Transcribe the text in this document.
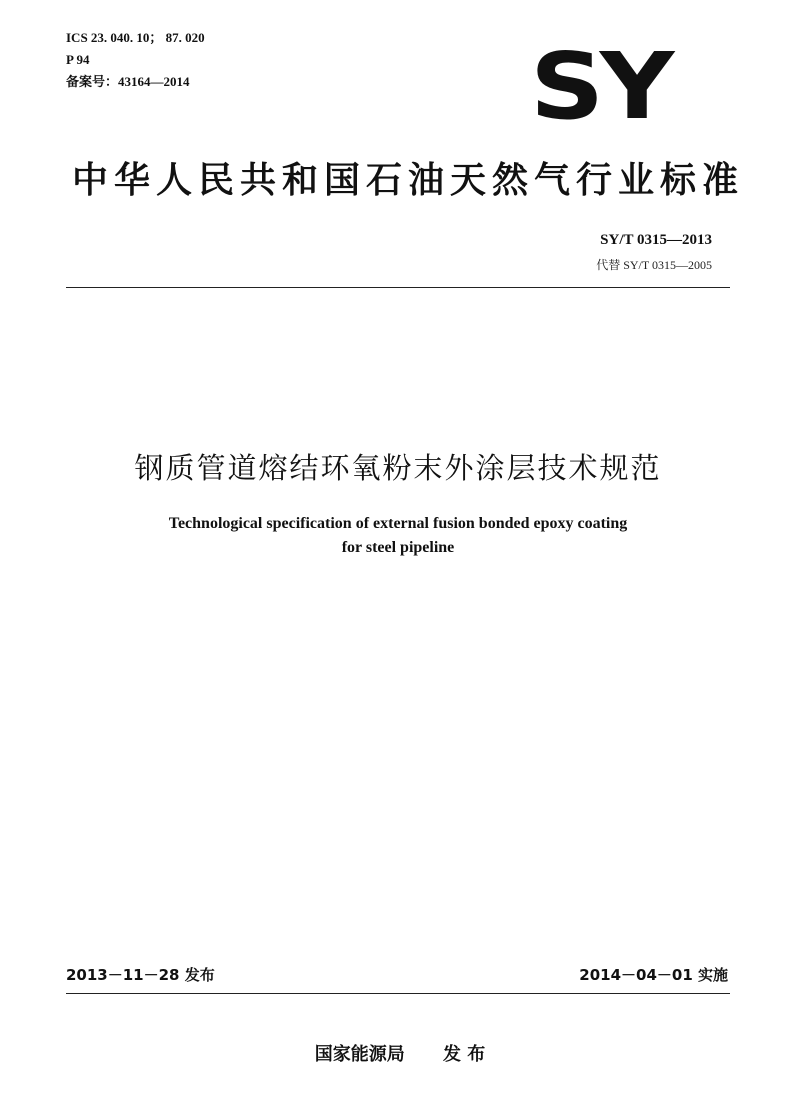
ICS 23. 040. 10； 87. 020
P 94
备案号：43164—2014	SY
中华人民共和国石油天然气行业标准
SY/T 0315—2013
代替 SY/T 0315—2005
钢质管道熔结环氧粉末外涂层技术规范
Technological specification of external fusion bonded epoxy coating
for steel pipeline
2013－11－28 发布	2014－04－01 实施
国家能源局 发 布
